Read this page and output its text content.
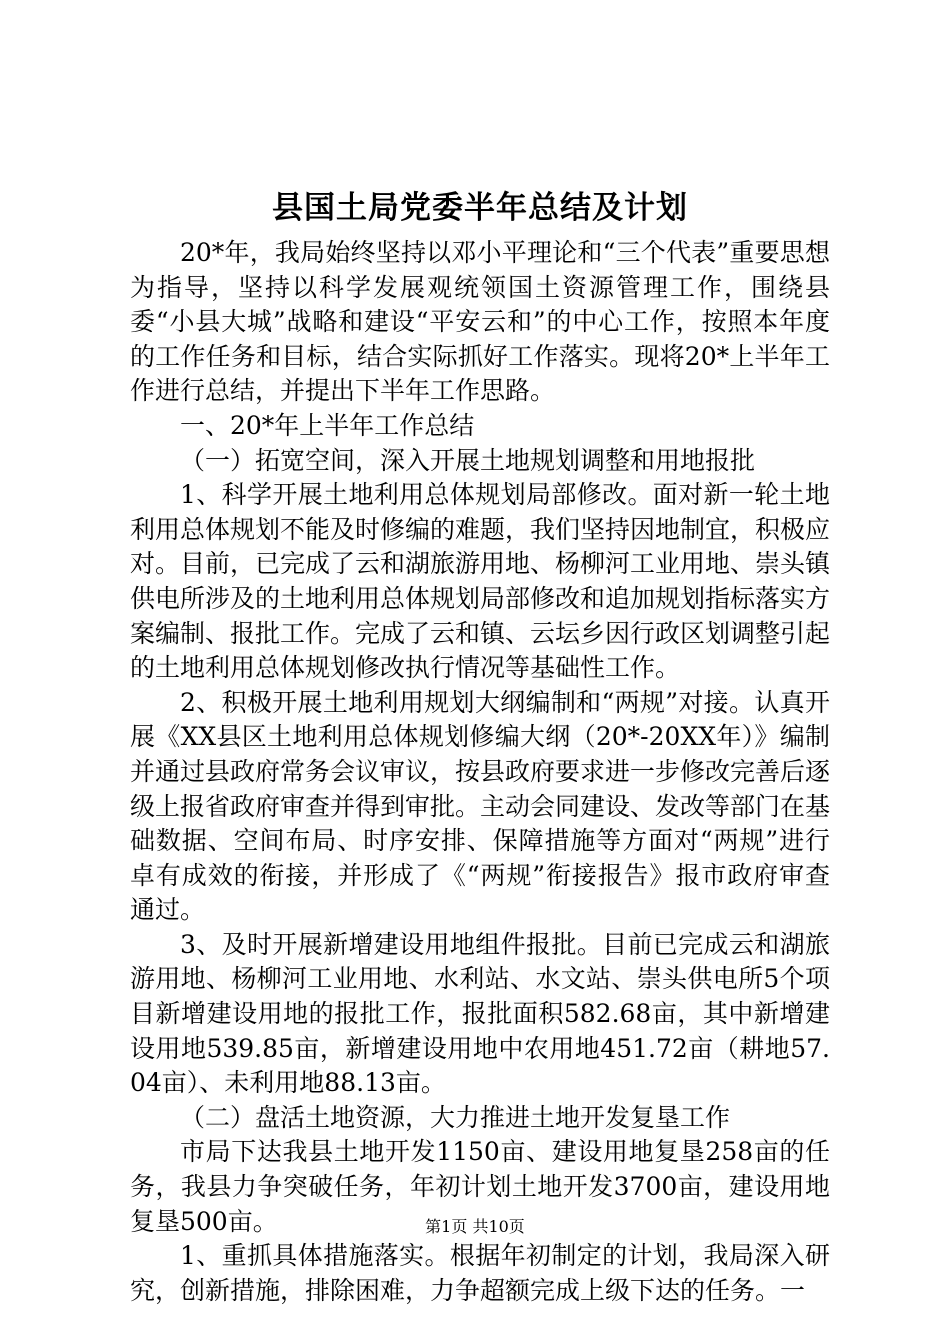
县国土局党委半年总结及计划

20*年，我局始终坚持以邓小平理论和“三个代表”重要思想为指导，坚持以科学发展观统领国土资源管理工作，围绕县委“小县大城”战略和建设“平安云和”的中心工作，按照本年度的工作任务和目标，结合实际抓好工作落实。现将20*上半年工作进行总结，并提出下半年工作思路。

一、20*年上半年工作总结

（一）拓宽空间，深入开展土地规划调整和用地报批

1、科学开展土地利用总体规划局部修改。面对新一轮土地利用总体规划不能及时修编的难题，我们坚持因地制宜，积极应对。目前，已完成了云和湖旅游用地、杨柳河工业用地、崇头镇供电所涉及的土地利用总体规划局部修改和追加规划指标落实方案编制、报批工作。完成了云和镇、云坛乡因行政区划调整引起的土地利用总体规划修改执行情况等基础性工作。

2、积极开展土地利用规划大纲编制和“两规”对接。认真开展《XX县区土地利用总体规划修编大纲（20*-20XX年）》编制并通过县政府常务会议审议，按县政府要求进一步修改完善后逐级上报省政府审查并得到审批。主动会同建设、发改等部门在基础数据、空间布局、时序安排、保障措施等方面对“两规”进行卓有成效的衔接，并形成了《“两规”衔接报告》报市政府审查通过。

3、及时开展新增建设用地组件报批。目前已完成云和湖旅游用地、杨柳河工业用地、水利站、水文站、崇头供电所5个项目新增建设用地的报批工作，报批面积582.68亩，其中新增建设用地539.85亩，新增建设用地中农用地451.72亩（耕地57.04亩）、未利用地88.13亩。

（二）盘活土地资源，大力推进土地开发复垦工作

市局下达我县土地开发1150亩、建设用地复垦258亩的任务，我县力争突破任务，年初计划土地开发3700亩，建设用地复垦500亩。

1、重抓具体措施落实。根据年初制定的计划，我局深入研究，创新措施，排除困难，力争超额完成上级下达的任务。一

第1页 共10页
